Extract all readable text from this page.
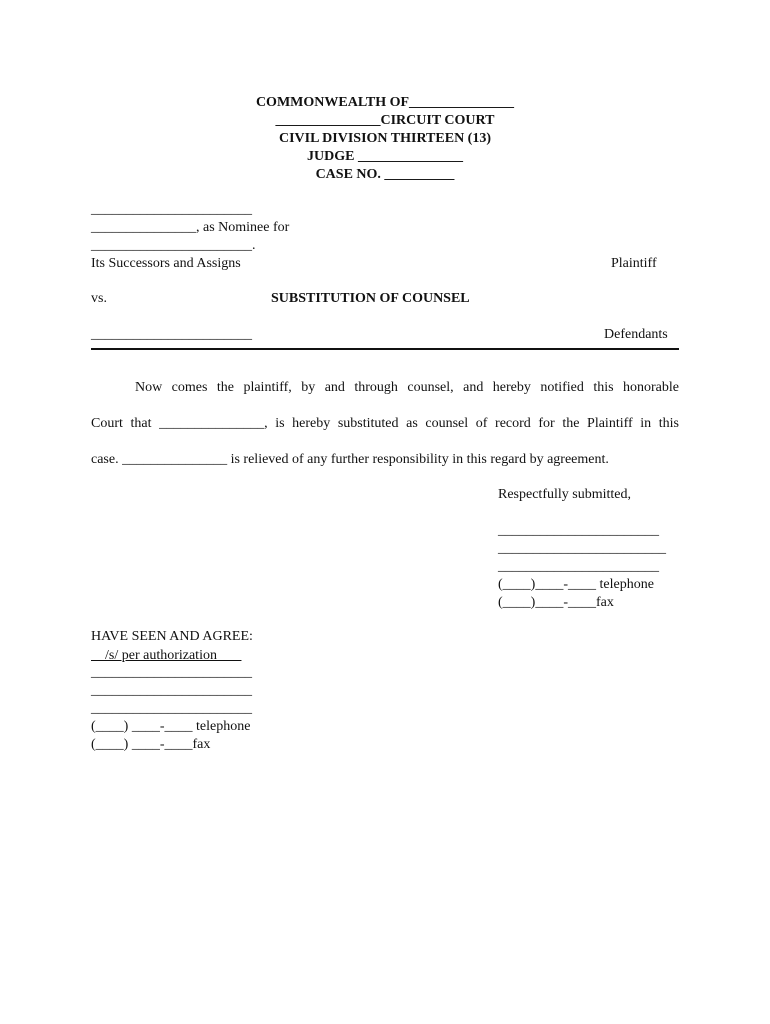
COMMONWEALTH OF_______________
_______________CIRCUIT COURT
CIVIL DIVISION THIRTEEN (13)
JUDGE _______________
CASE NO. __________
_______________________
_______________, as Nominee for
_______________________.
Its Successors and Assigns	Plaintiff
vs.	SUBSTITUTION OF COUNSEL
_______________________	Defendants
Now comes the plaintiff, by and through counsel, and hereby notified this honorable
Court that _______________, is hereby substituted as counsel of record for the Plaintiff in this
case. _______________ is relieved of any further responsibility in this regard by agreement.
Respectfully submitted,
_______________________
________________________
_______________________
(____)____-____ telephone
(____)____-____fax
HAVE SEEN AND AGREE:
/s/ per authorization
_______________________
_______________________
_______________________
(____) ____-____ telephone
(____) ____-____fax
